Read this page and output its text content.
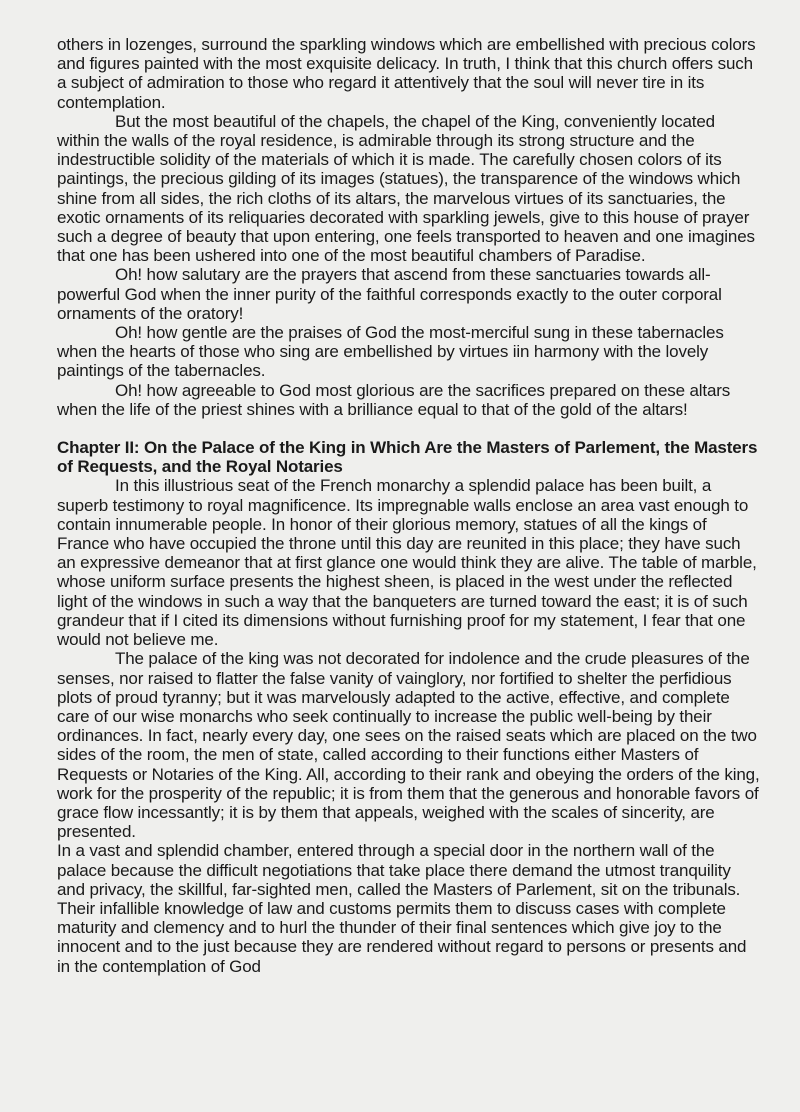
others in lozenges, surround the sparkling windows which are embellished with precious colors and figures painted with the most exquisite delicacy. In truth, I think that this church offers such a subject of admiration to those who regard it attentively that the soul will never tire in its contemplation.

But the most beautiful of the chapels, the chapel of the King, conveniently located within the walls of the royal residence, is admirable through its strong structure and the indestructible solidity of the materials of which it is made. The carefully chosen colors of its paintings, the precious gilding of its images (statues), the transparence of the windows which shine from all sides, the rich cloths of its altars, the marvelous virtues of its sanctuaries, the exotic ornaments of its reliquaries decorated with sparkling jewels, give to this house of prayer such a degree of beauty that upon entering, one feels transported to heaven and one imagines that one has been ushered into one of the most beautiful chambers of Paradise.

Oh! how salutary are the prayers that ascend from these sanctuaries towards all-powerful God when the inner purity of the faithful corresponds exactly to the outer corporal ornaments of the oratory!

Oh! how gentle are the praises of God the most-merciful sung in these tabernacles when the hearts of those who sing are embellished by virtues iin harmony with the lovely paintings of the tabernacles.

Oh! how agreeable to God most glorious are the sacrifices prepared on these altars when the life of the priest shines with a brilliance equal to that of the gold of the altars!

Chapter II: On the Palace of the King in Which Are the Masters of Parlement, the Masters of Requests, and the Royal Notaries

In this illustrious seat of the French monarchy a splendid palace has been built, a superb testimony to royal magnificence. Its impregnable walls enclose an area vast enough to contain innumerable people. In honor of their glorious memory, statues of all the kings of France who have occupied the throne until this day are reunited in this place; they have such an expressive demeanor that at first glance one would think they are alive. The table of marble, whose uniform surface presents the highest sheen, is placed in the west under the reflected light of the windows in such a way that the banqueters are turned toward the east; it is of such grandeur that if I cited its dimensions without furnishing proof for my statement, I fear that one would not believe me.

The palace of the king was not decorated for indolence and the crude pleasures of the senses, nor raised to flatter the false vanity of vainglory, nor fortified to shelter the perfidious plots of proud tyranny; but it was marvelously adapted to the active, effective, and complete care of our wise monarchs who seek continually to increase the public well-being by their ordinances. In fact, nearly every day, one sees on the raised seats which are placed on the two sides of the room, the men of state, called according to their functions either Masters of Requests or Notaries of the King. All, according to their rank and obeying the orders of the king, work for the prosperity of the republic; it is from them that the generous and honorable favors of grace flow incessantly; it is by them that appeals, weighed with the scales of sincerity, are presented.

In a vast and splendid chamber, entered through a special door in the northern wall of the palace because the difficult negotiations that take place there demand the utmost tranquility and privacy, the skillful, far-sighted men, called the Masters of Parlement, sit on the tribunals. Their infallible knowledge of law and customs permits them to discuss cases with complete maturity and clemency and to hurl the thunder of their final sentences which give joy to the innocent and to the just because they are rendered without regard to persons or presents and in the contemplation of God
